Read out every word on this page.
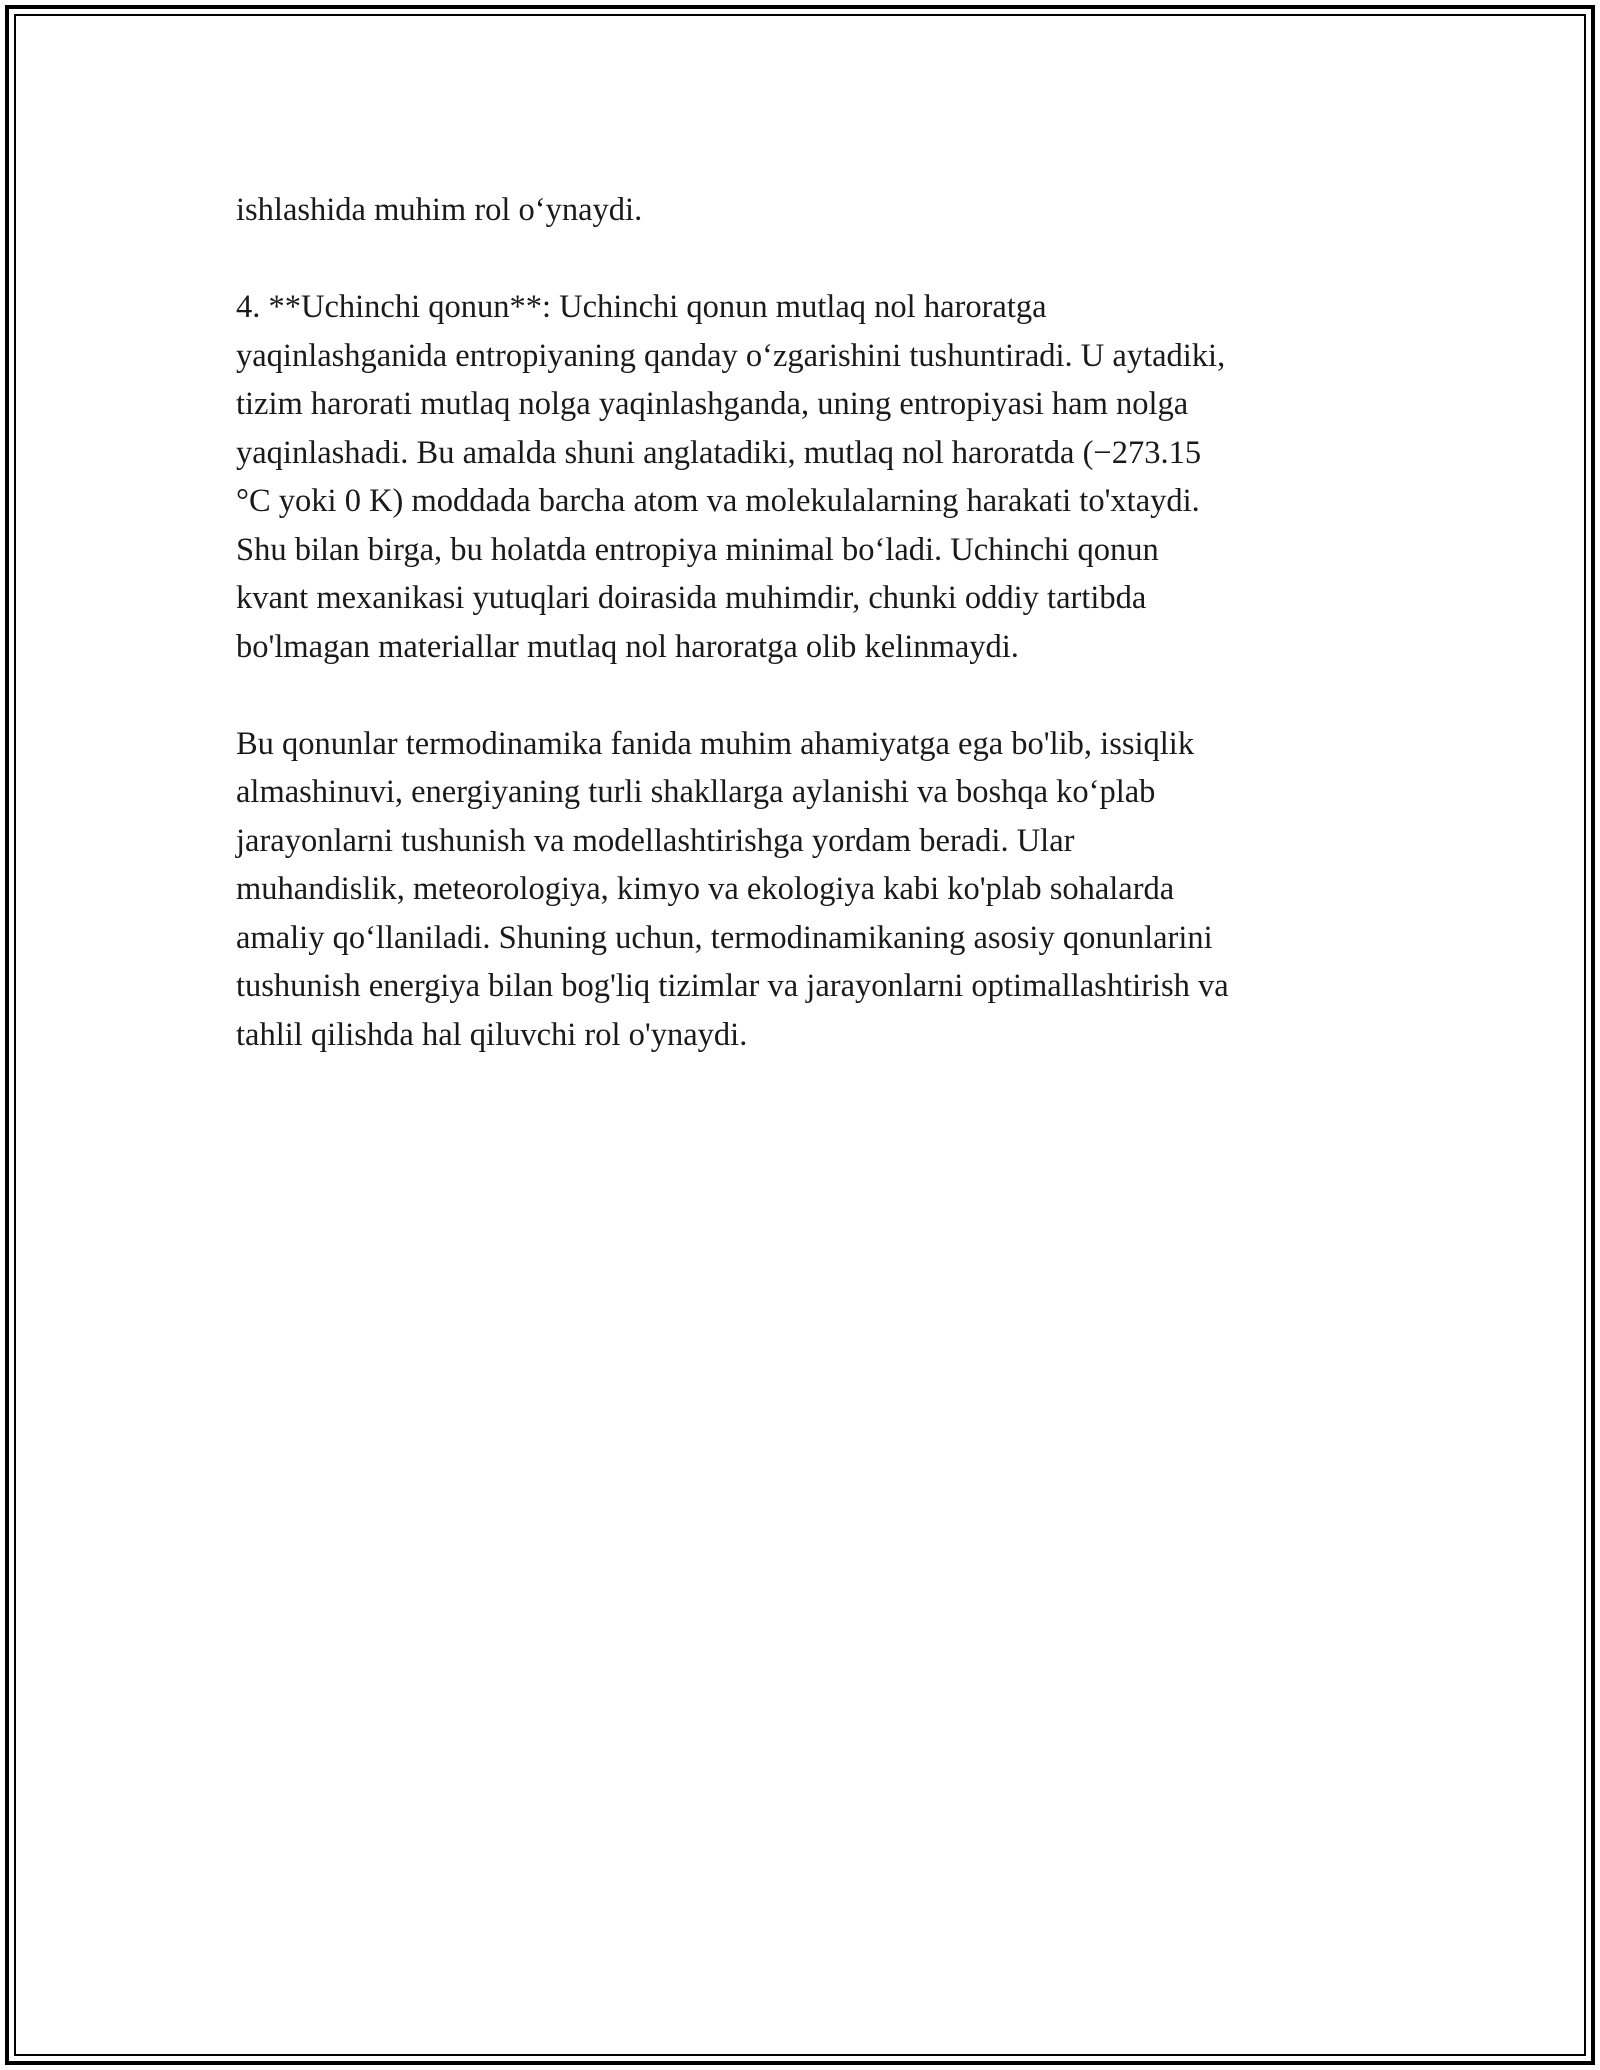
ishlashida muhim rol o‘ynaydi.

4. **Uchinchi qonun**: Uchinchi qonun mutlaq nol haroratga
yaqinlashganida entropiyaning qanday o‘zgarishini tushuntiradi. U aytadiki,
tizim harorati mutlaq nolga yaqinlashganda, uning entropiyasi ham nolga
yaqinlashadi. Bu amalda shuni anglatadiki, mutlaq nol haroratda (−273.15
°C yoki 0 K) moddada barcha atom va molekulalarning harakati to'xtaydi.
Shu bilan birga, bu holatda entropiya minimal bo‘ladi. Uchinchi qonun
kvant mexanikasi yutuqlari doirasida muhimdir, chunki oddiy tartibda
bo'lmagan materiallar mutlaq nol haroratga olib kelinmaydi.

Bu qonunlar termodinamika fanida muhim ahamiyatga ega bo'lib, issiqlik
almashinuvi, energiyaning turli shakllarga aylanishi va boshqa ko‘plab
jarayonlarni tushunish va modellashtirishga yordam beradi. Ular
muhandislik, meteorologiya, kimyo va ekologiya kabi ko'plab sohalarda
amaliy qo‘llaniladi. Shuning uchun, termodinamikaning asosiy qonunlarini
tushunish energiya bilan bog'liq tizimlar va jarayonlarni optimallashtirish va
tahlil qilishda hal qiluvchi rol o'ynaydi.
